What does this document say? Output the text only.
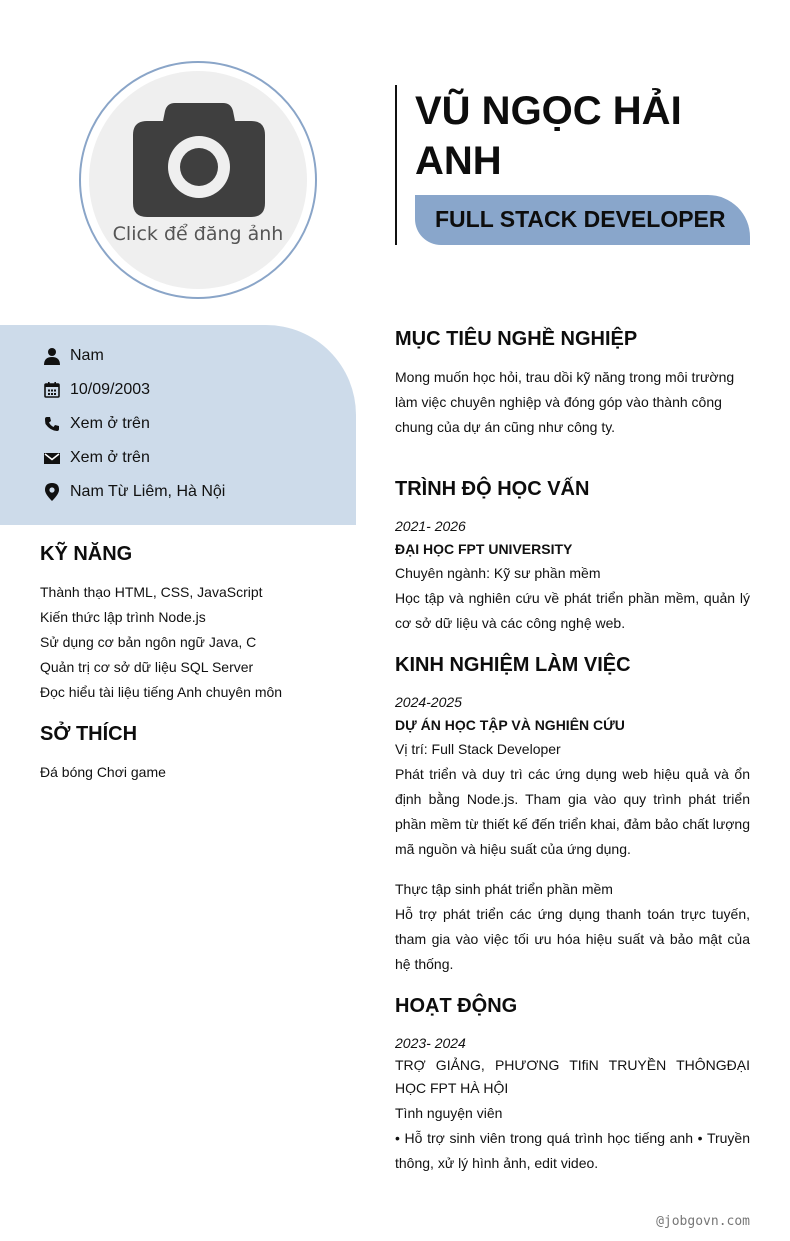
Click để đăng ảnh
VŨ NGỌC HẢI
ANH
FULL STACK DEVELOPER
Nam
10/09/2003
Xem ở trên
Xem ở trên
Nam Từ Liêm, Hà Nội
KỸ NĂNG
Thành thạo HTML, CSS, JavaScript
Kiến thức lập trình Node.js
Sử dụng cơ bản ngôn ngữ Java, C
Quản trị cơ sở dữ liệu SQL Server
Đọc hiểu tài liệu tiếng Anh chuyên môn
SỞ THÍCH
Đá bóng Chơi game
MỤC TIÊU NGHỀ NGHIỆP
Mong muốn học hỏi, trau dồi kỹ năng trong môi trường làm việc chuyên nghiệp và đóng góp vào thành công chung của dự án cũng như công ty.
TRÌNH ĐỘ HỌC VẤN
2021- 2026
ĐẠI HỌC FPT UNIVERSITY
Chuyên ngành: Kỹ sư phần mềm
Học tập và nghiên cứu về phát triển phần mềm, quản lý cơ sở dữ liệu và các công nghệ web.
KINH NGHIỆM LÀM VIỆC
2024-2025
DỰ ÁN HỌC TẬP VÀ NGHIÊN CỨU
Vị trí: Full Stack Developer
Phát triển và duy trì các ứng dụng web hiệu quả và ổn định bằng Node.js. Tham gia vào quy trình phát triển phần mềm từ thiết kế đến triển khai, đảm bảo chất lượng mã nguồn và hiệu suất của ứng dụng.
Thực tập sinh phát triển phần mềm
Hỗ trợ phát triển các ứng dụng thanh toán trực tuyến, tham gia vào việc tối ưu hóa hiệu suất và bảo mật của hệ thống.
HOẠT ĐỘNG
2023- 2024
TRỢ GIẢNG, PHƯƠNG TIfiN TRUYỀN THÔNGĐẠI HỌC FPT HÀ HỘI
Tình nguyện viên
• Hỗ trợ sinh viên trong quá trình học tiếng anh • Truyền thông, xử lý hình ảnh, edit video.
@jobgovn.com
